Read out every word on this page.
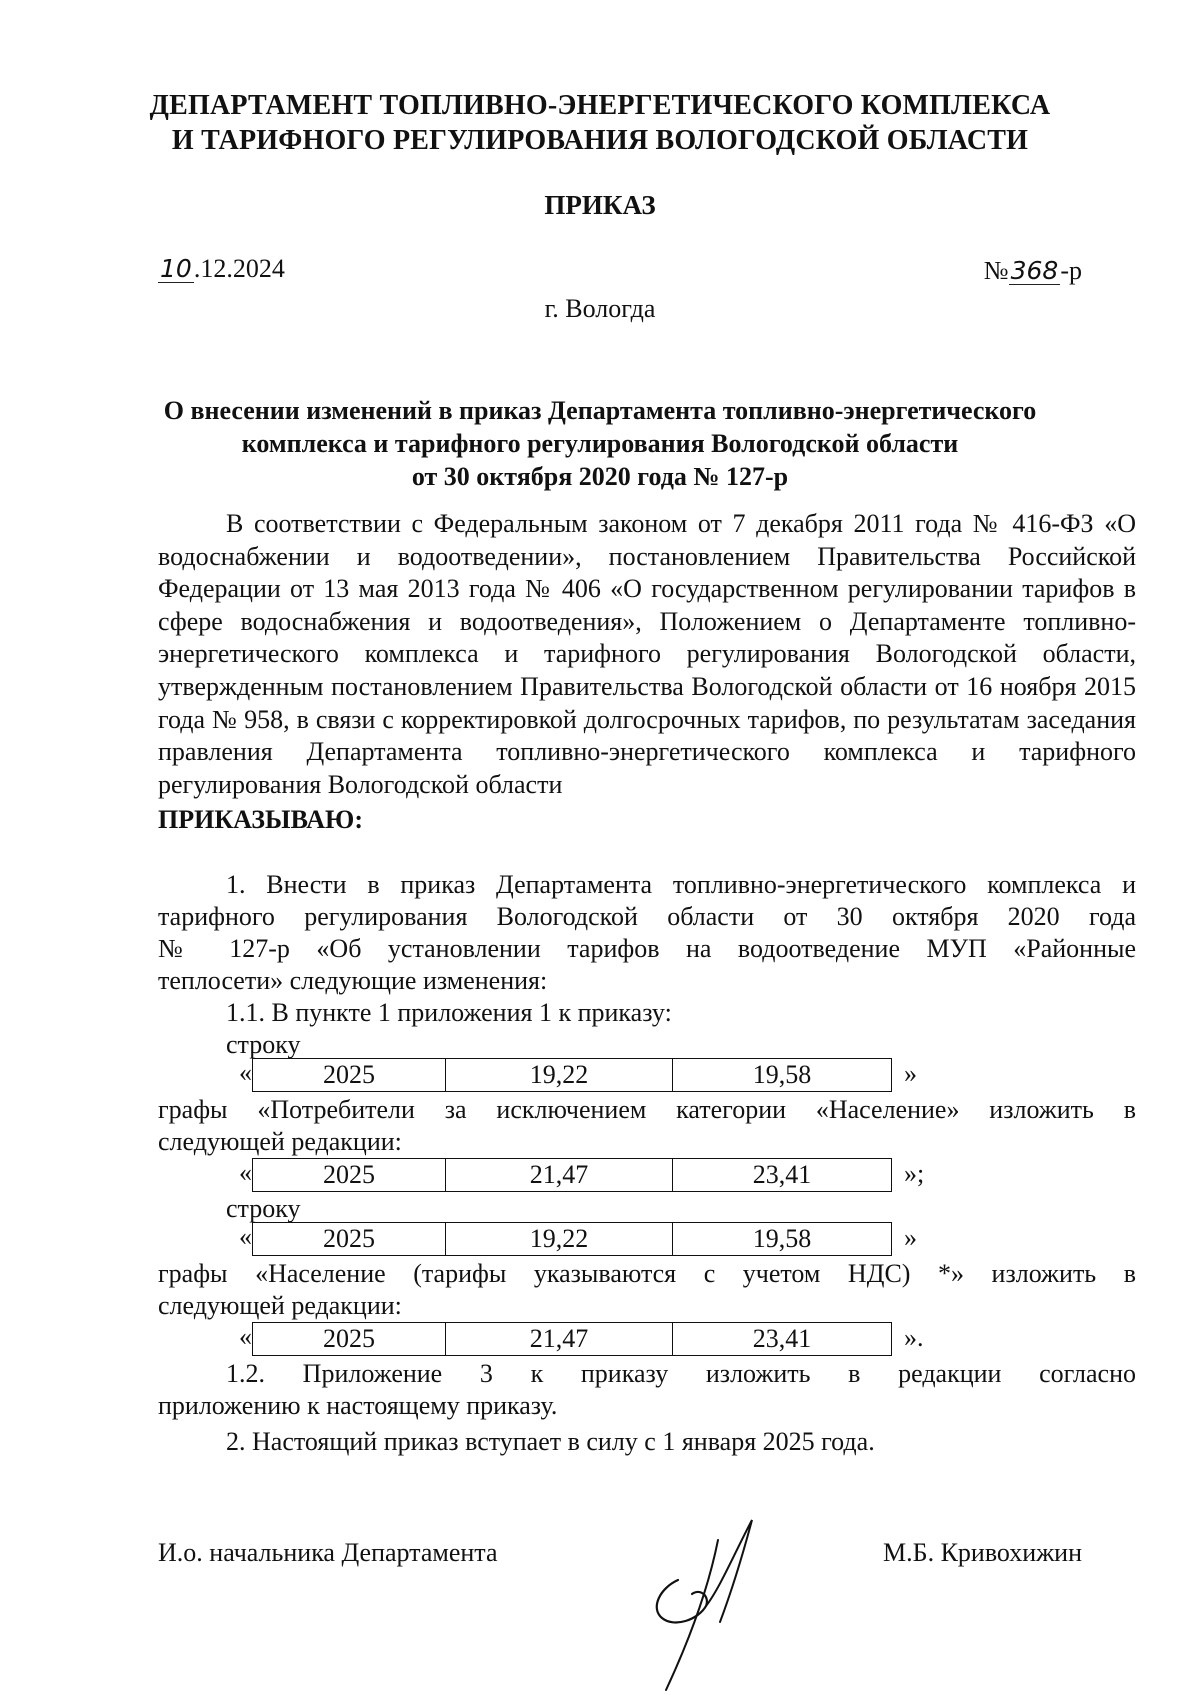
ДЕПАРТАМЕНТ ТОПЛИВНО-ЭНЕРГЕТИЧЕСКОГО КОМПЛЕКСА
И ТАРИФНОГО РЕГУЛИРОВАНИЯ ВОЛОГОДСКОЙ ОБЛАСТИ
ПРИКАЗ
10.12.2024	№368-р
г. Вологда
О внесении изменений в приказ Департамента топливно-энергетического
комплекса и тарифного регулирования Вологодской области
от 30 октября 2020 года № 127-р
В соответствии с Федеральным законом от 7 декабря 2011 года № 416-ФЗ «О водоснабжении и водоотведении», постановлением Правительства Российской Федерации от 13 мая 2013 года № 406 «О государственном регулировании тарифов в сфере водоснабжения и водоотведения», Положением о Департаменте топливно-энергетического комплекса и тарифного регулирования Вологодской области, утвержденным постановлением Правительства Вологодской области от 16 ноября 2015 года № 958, в связи с корректировкой долгосрочных тарифов, по результатам заседания правления Департамента топливно-энергетического комплекса и тарифного регулирования Вологодской области
ПРИКАЗЫВАЮ:
1. Внести в приказ Департамента топливно-энергетического комплекса и
тарифного регулирования Вологодской области от 30 октября 2020 года
№ 127-р «Об установлении тарифов на водоотведение МУП «Районные
теплосети» следующие изменения:
1.1. В пункте 1 приложения 1 к приказу:
строку
«	2025	19,22	19,58	»
графы «Потребители за исключением категории «Население» изложить в
следующей редакции:
«	2025	21,47	23,41	»;
строку
«	2025	19,22	19,58	»
графы «Население (тарифы указываются с учетом НДС) *» изложить в
следующей редакции:
«	2025	21,47	23,41	».
1.2. Приложение 3 к приказу изложить в редакции согласно
приложению к настоящему приказу.
2. Настоящий приказ вступает в силу с 1 января 2025 года.
И.о. начальника Департамента	М.Б. Кривохижин
